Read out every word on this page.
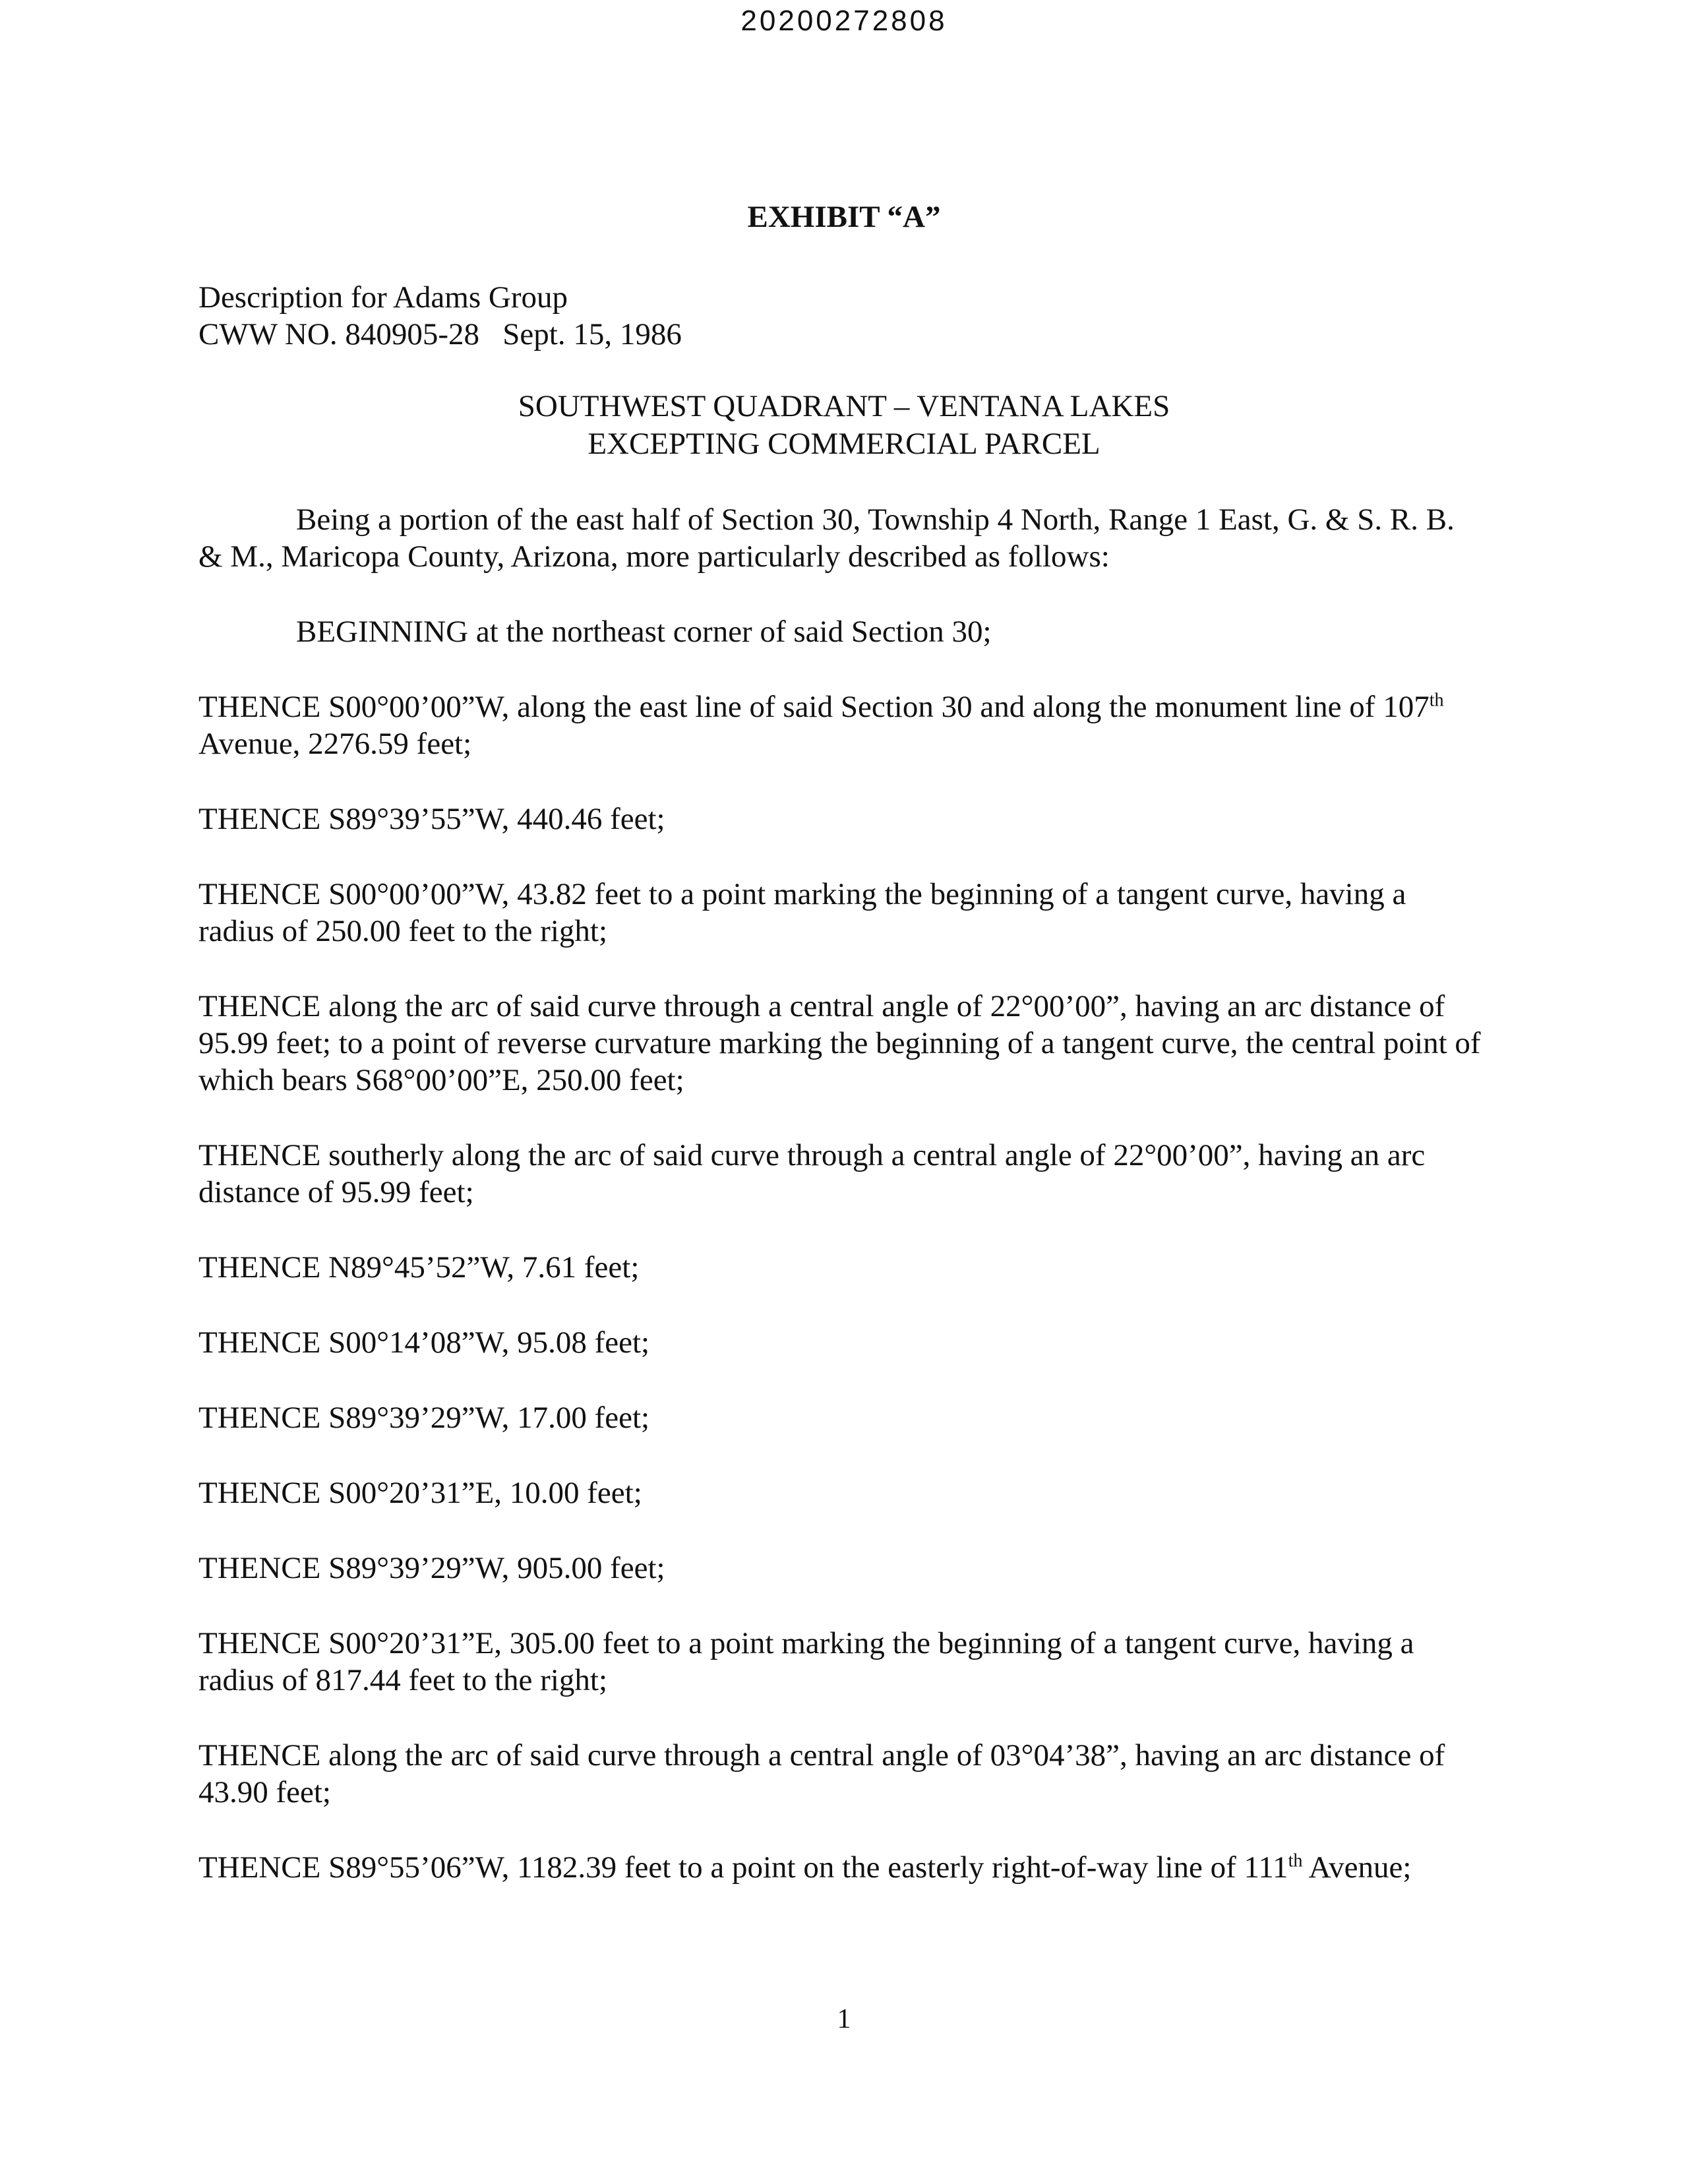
20200272808
EXHIBIT “A”
Description for Adams Group
CWW NO. 840905-28   Sept. 15, 1986
SOUTHWEST QUADRANT – VENTANA LAKES
EXCEPTING COMMERCIAL PARCEL

Being a portion of the east half of Section 30, Township 4 North, Range 1 East, G. & S. R. B. & M., Maricopa County, Arizona, more particularly described as follows:

BEGINNING at the northeast corner of said Section 30;

THENCE S00°00’00”W, along the east line of said Section 30 and along the monument line of 107th Avenue, 2276.59 feet;

THENCE S89°39’55”W, 440.46 feet;

THENCE S00°00’00”W, 43.82 feet to a point marking the beginning of a tangent curve, having a radius of 250.00 feet to the right;

THENCE along the arc of said curve through a central angle of 22°00’00”, having an arc distance of 95.99 feet; to a point of reverse curvature marking the beginning of a tangent curve, the central point of which bears S68°00’00”E, 250.00 feet;

THENCE southerly along the arc of said curve through a central angle of 22°00’00”, having an arc distance of 95.99 feet;

THENCE N89°45’52”W, 7.61 feet;

THENCE S00°14’08”W, 95.08 feet;

THENCE S89°39’29”W, 17.00 feet;

THENCE S00°20’31”E, 10.00 feet;

THENCE S89°39’29”W, 905.00 feet;

THENCE S00°20’31”E, 305.00 feet to a point marking the beginning of a tangent curve, having a radius of 817.44 feet to the right;

THENCE along the arc of said curve through a central angle of 03°04’38”, having an arc distance of 43.90 feet;

THENCE S89°55’06”W, 1182.39 feet to a point on the easterly right-of-way line of 111th Avenue;

1
